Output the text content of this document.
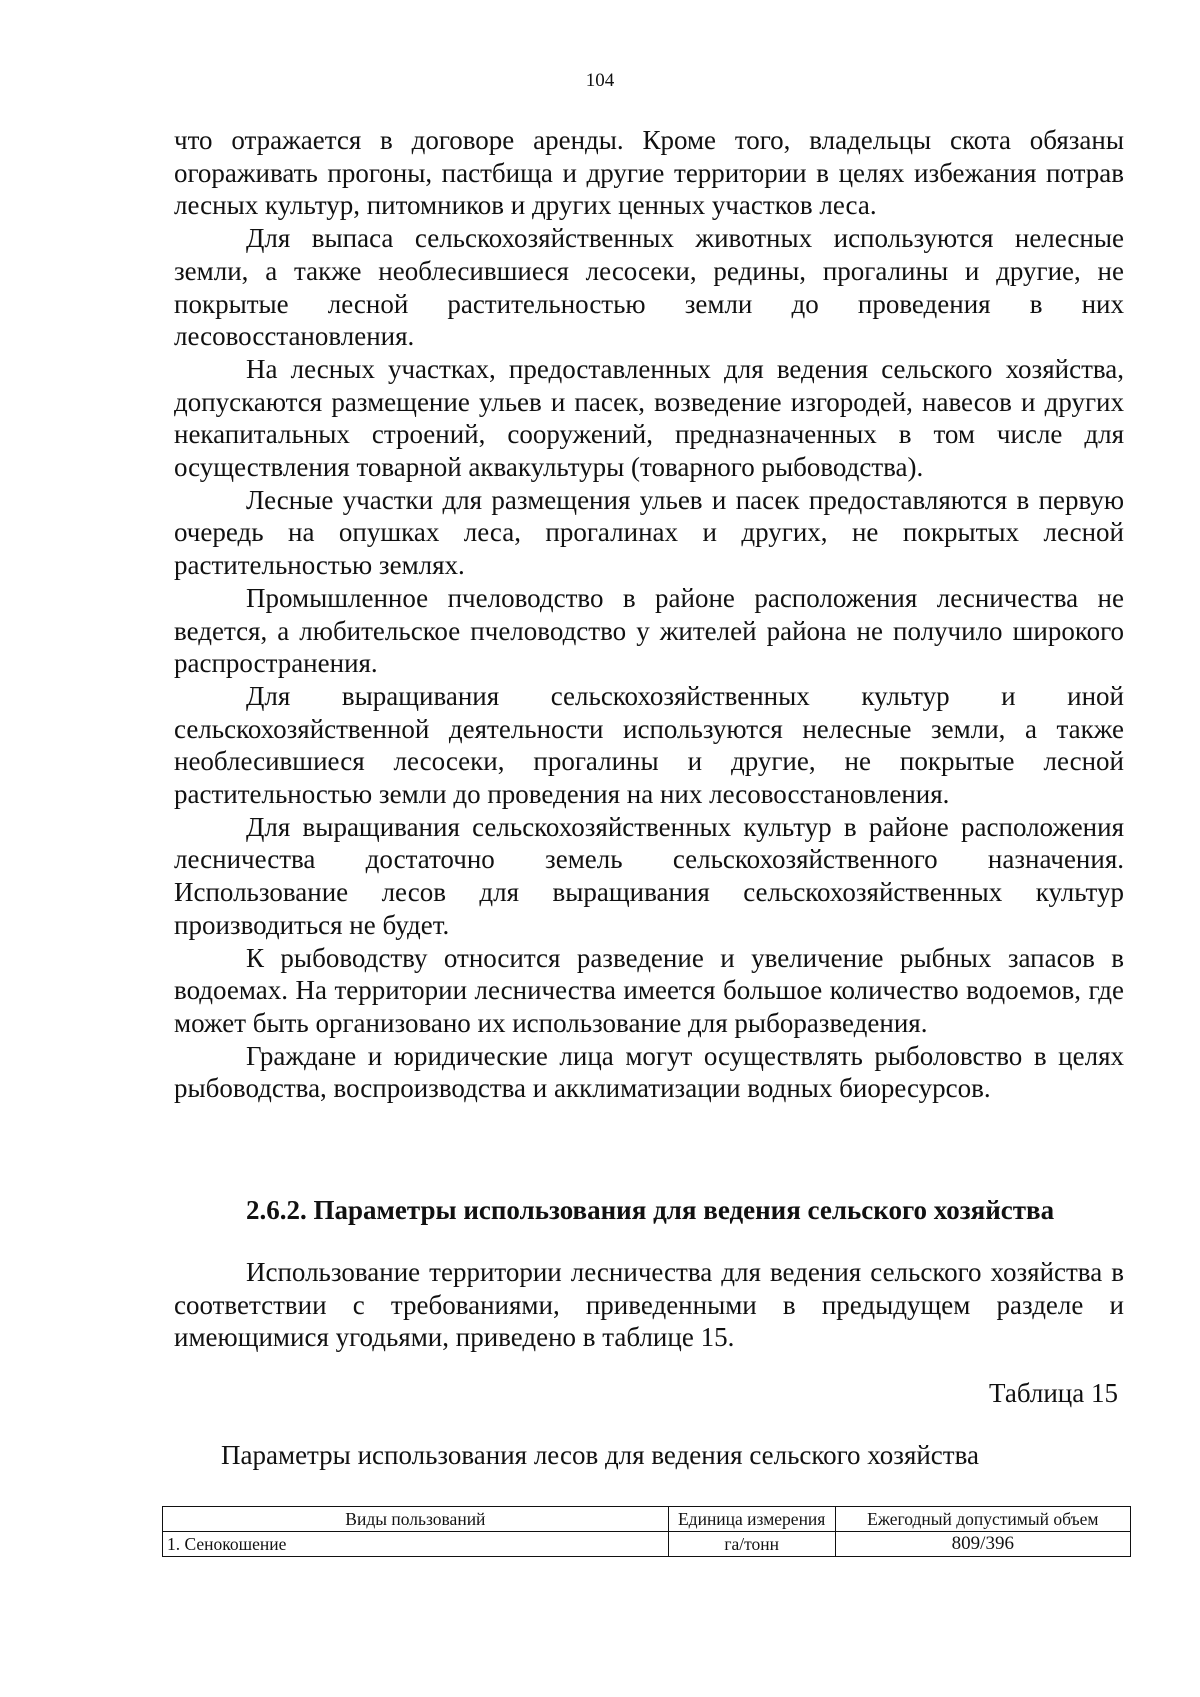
104

что отражается в договоре аренды. Кроме того, владельцы скота обязаны огораживать прогоны, пастбища и другие территории в целях избежания потрав лесных культур, питомников и других ценных участков леса.

Для выпаса сельскохозяйственных животных используются нелесные земли, а также необлесившиеся лесосеки, редины, прогалины и другие, не покрытые лесной растительностью земли до проведения в них лесовосстановления.

На лесных участках, предоставленных для ведения сельского хозяйства, допускаются размещение ульев и пасек, возведение изгородей, навесов и других некапитальных строений, сооружений, предназначенных в том числе для осуществления товарной аквакультуры (товарного рыбоводства).

Лесные участки для размещения ульев и пасек предоставляются в первую очередь на опушках леса, прогалинах и других, не покрытых лесной растительностью землях.

Промышленное пчеловодство в районе расположения лесничества не ведется, а любительское пчеловодство у жителей района не получило широкого распространения.

Для выращивания сельскохозяйственных культур и иной сельскохозяйственной деятельности используются нелесные земли, а также необлесившиеся лесосеки, прогалины и другие, не покрытые лесной растительностью земли до проведения на них лесовосстановления.

Для выращивания сельскохозяйственных культур в районе расположения лесничества достаточно земель сельскохозяйственного назначения. Использование лесов для выращивания сельскохозяйственных культур производиться не будет.

К рыбоводству относится разведение и увеличение рыбных запасов в водоемах. На территории лесничества имеется большое количество водоемов, где может быть организовано их использование для рыборазведения.

Граждане и юридические лица могут осуществлять рыболовство в целях рыбоводства, воспроизводства и акклиматизации водных биоресурсов.

2.6.2. Параметры использования для ведения сельского хозяйства

Использование территории лесничества для ведения сельского хозяйства в соответствии с требованиями, приведенными в предыдущем разделе и имеющимися угодьями, приведено в таблице 15.

Таблица 15
Параметры использования лесов для ведения сельского хозяйства
Виды пользований	Единица измерения	Ежегодный допустимый объем
1. Сенокошение	га/тонн	809/396
